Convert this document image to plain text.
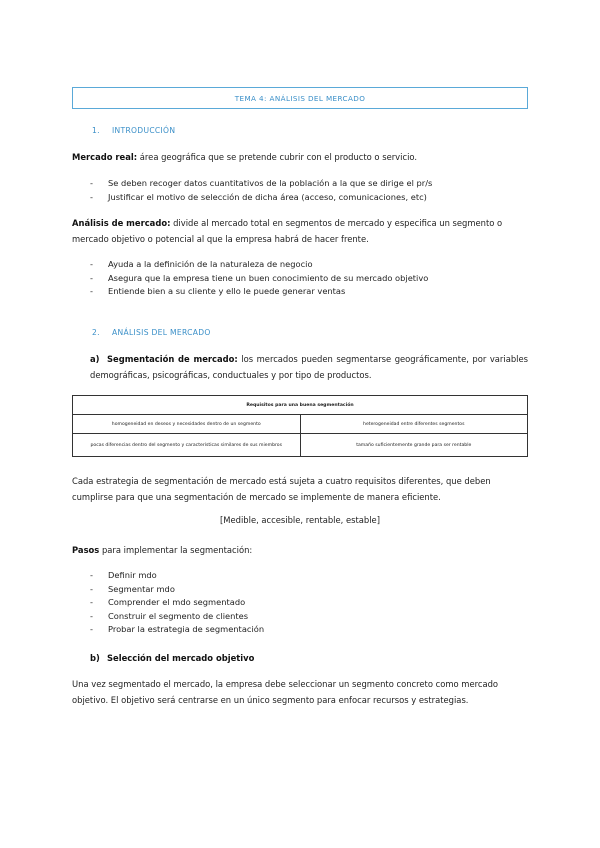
TEMA 4: ANÁLISIS DEL MERCADO
1. INTRODUCCIÓN
Mercado real: área geográfica que se pretende cubrir con el producto o servicio.
- Se deben recoger datos cuantitativos de la población a la que se dirige el pr/s
- Justificar el motivo de selección de dicha área (acceso, comunicaciones, etc)
Análisis de mercado: divide al mercado total en segmentos de mercado y especifica un segmento o mercado objetivo o potencial al que la empresa habrá de hacer frente.
- Ayuda a la definición de la naturaleza de negocio
- Asegura que la empresa tiene un buen conocimiento de su mercado objetivo
- Entiende bien a su cliente y ello le puede generar ventas
2. ANÁLISIS DEL MERCADO
a) Segmentación de mercado: los mercados pueden segmentarse geográficamente, por variables demográficas, psicográficas, conductuales y por tipo de productos.
Requisitos para una buena segmentación	
homogeneidad en deseos y necesidades dentro de un segmento	heterogeneidad entre diferentes segmentos
pocas diferencias dentro del segmento y características similares de sus miembros	tamaño suficientemente grande para ser rentable
Cada estrategia de segmentación de mercado está sujeta a cuatro requisitos diferentes, que deben cumplirse para que una segmentación de mercado se implemente de manera eficiente.
[Medible, accesible, rentable, estable]
Pasos para implementar la segmentación:
- Definir mdo
- Segmentar mdo
- Comprender el mdo segmentado
- Construir el segmento de clientes
- Probar la estrategia de segmentación
b) Selección del mercado objetivo
Una vez segmentado el mercado, la empresa debe seleccionar un segmento concreto como mercado objetivo. El objetivo será centrarse en un único segmento para enfocar recursos y estrategias.
